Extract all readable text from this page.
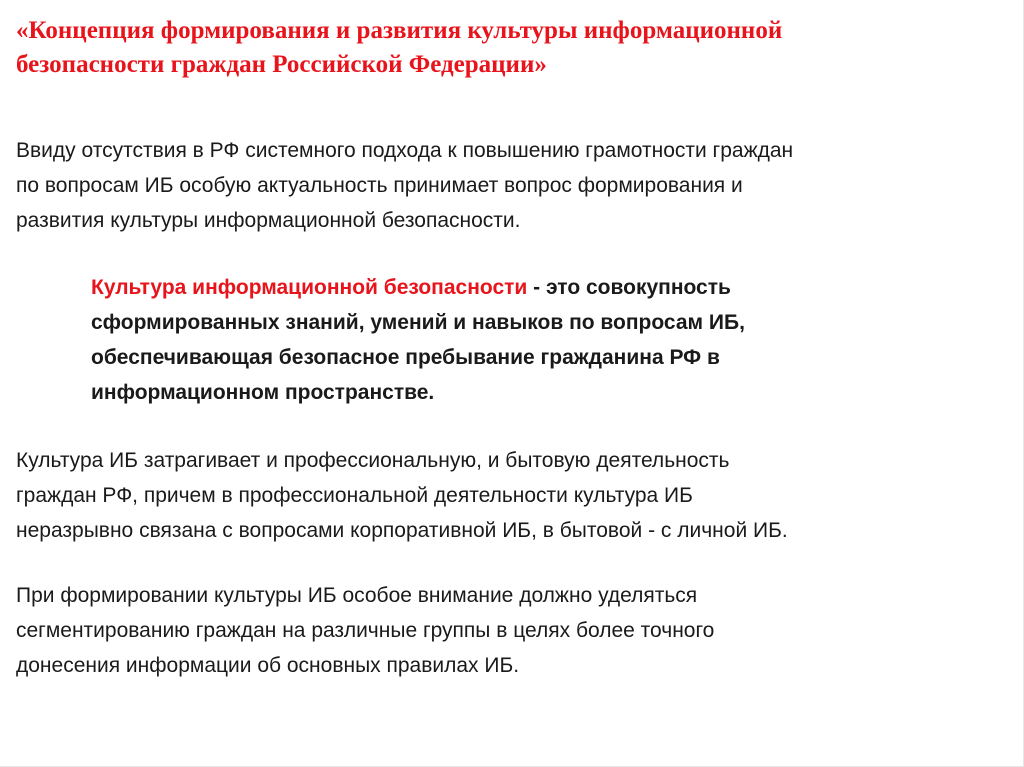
«Концепция формирования и развития культуры информационной
безопасности граждан Российской Федерации»

Ввиду отсутствия в РФ системного подхода к повышению грамотности граждан
по вопросам ИБ особую актуальность принимает вопрос формирования и
развития культуры информационной безопасности.

Культура информационной безопасности - это совокупность
сформированных знаний, умений и навыков по вопросам ИБ,
обеспечивающая безопасное пребывание гражданина РФ в
информационном пространстве.

Культура ИБ затрагивает и профессиональную, и бытовую деятельность
граждан РФ, причем в профессиональной деятельности культура ИБ
неразрывно связана с вопросами корпоративной ИБ, в бытовой - с личной ИБ.

При формировании культуры ИБ особое внимание должно уделяться
сегментированию граждан на различные группы в целях более точного
донесения информации об основных правилах ИБ.
